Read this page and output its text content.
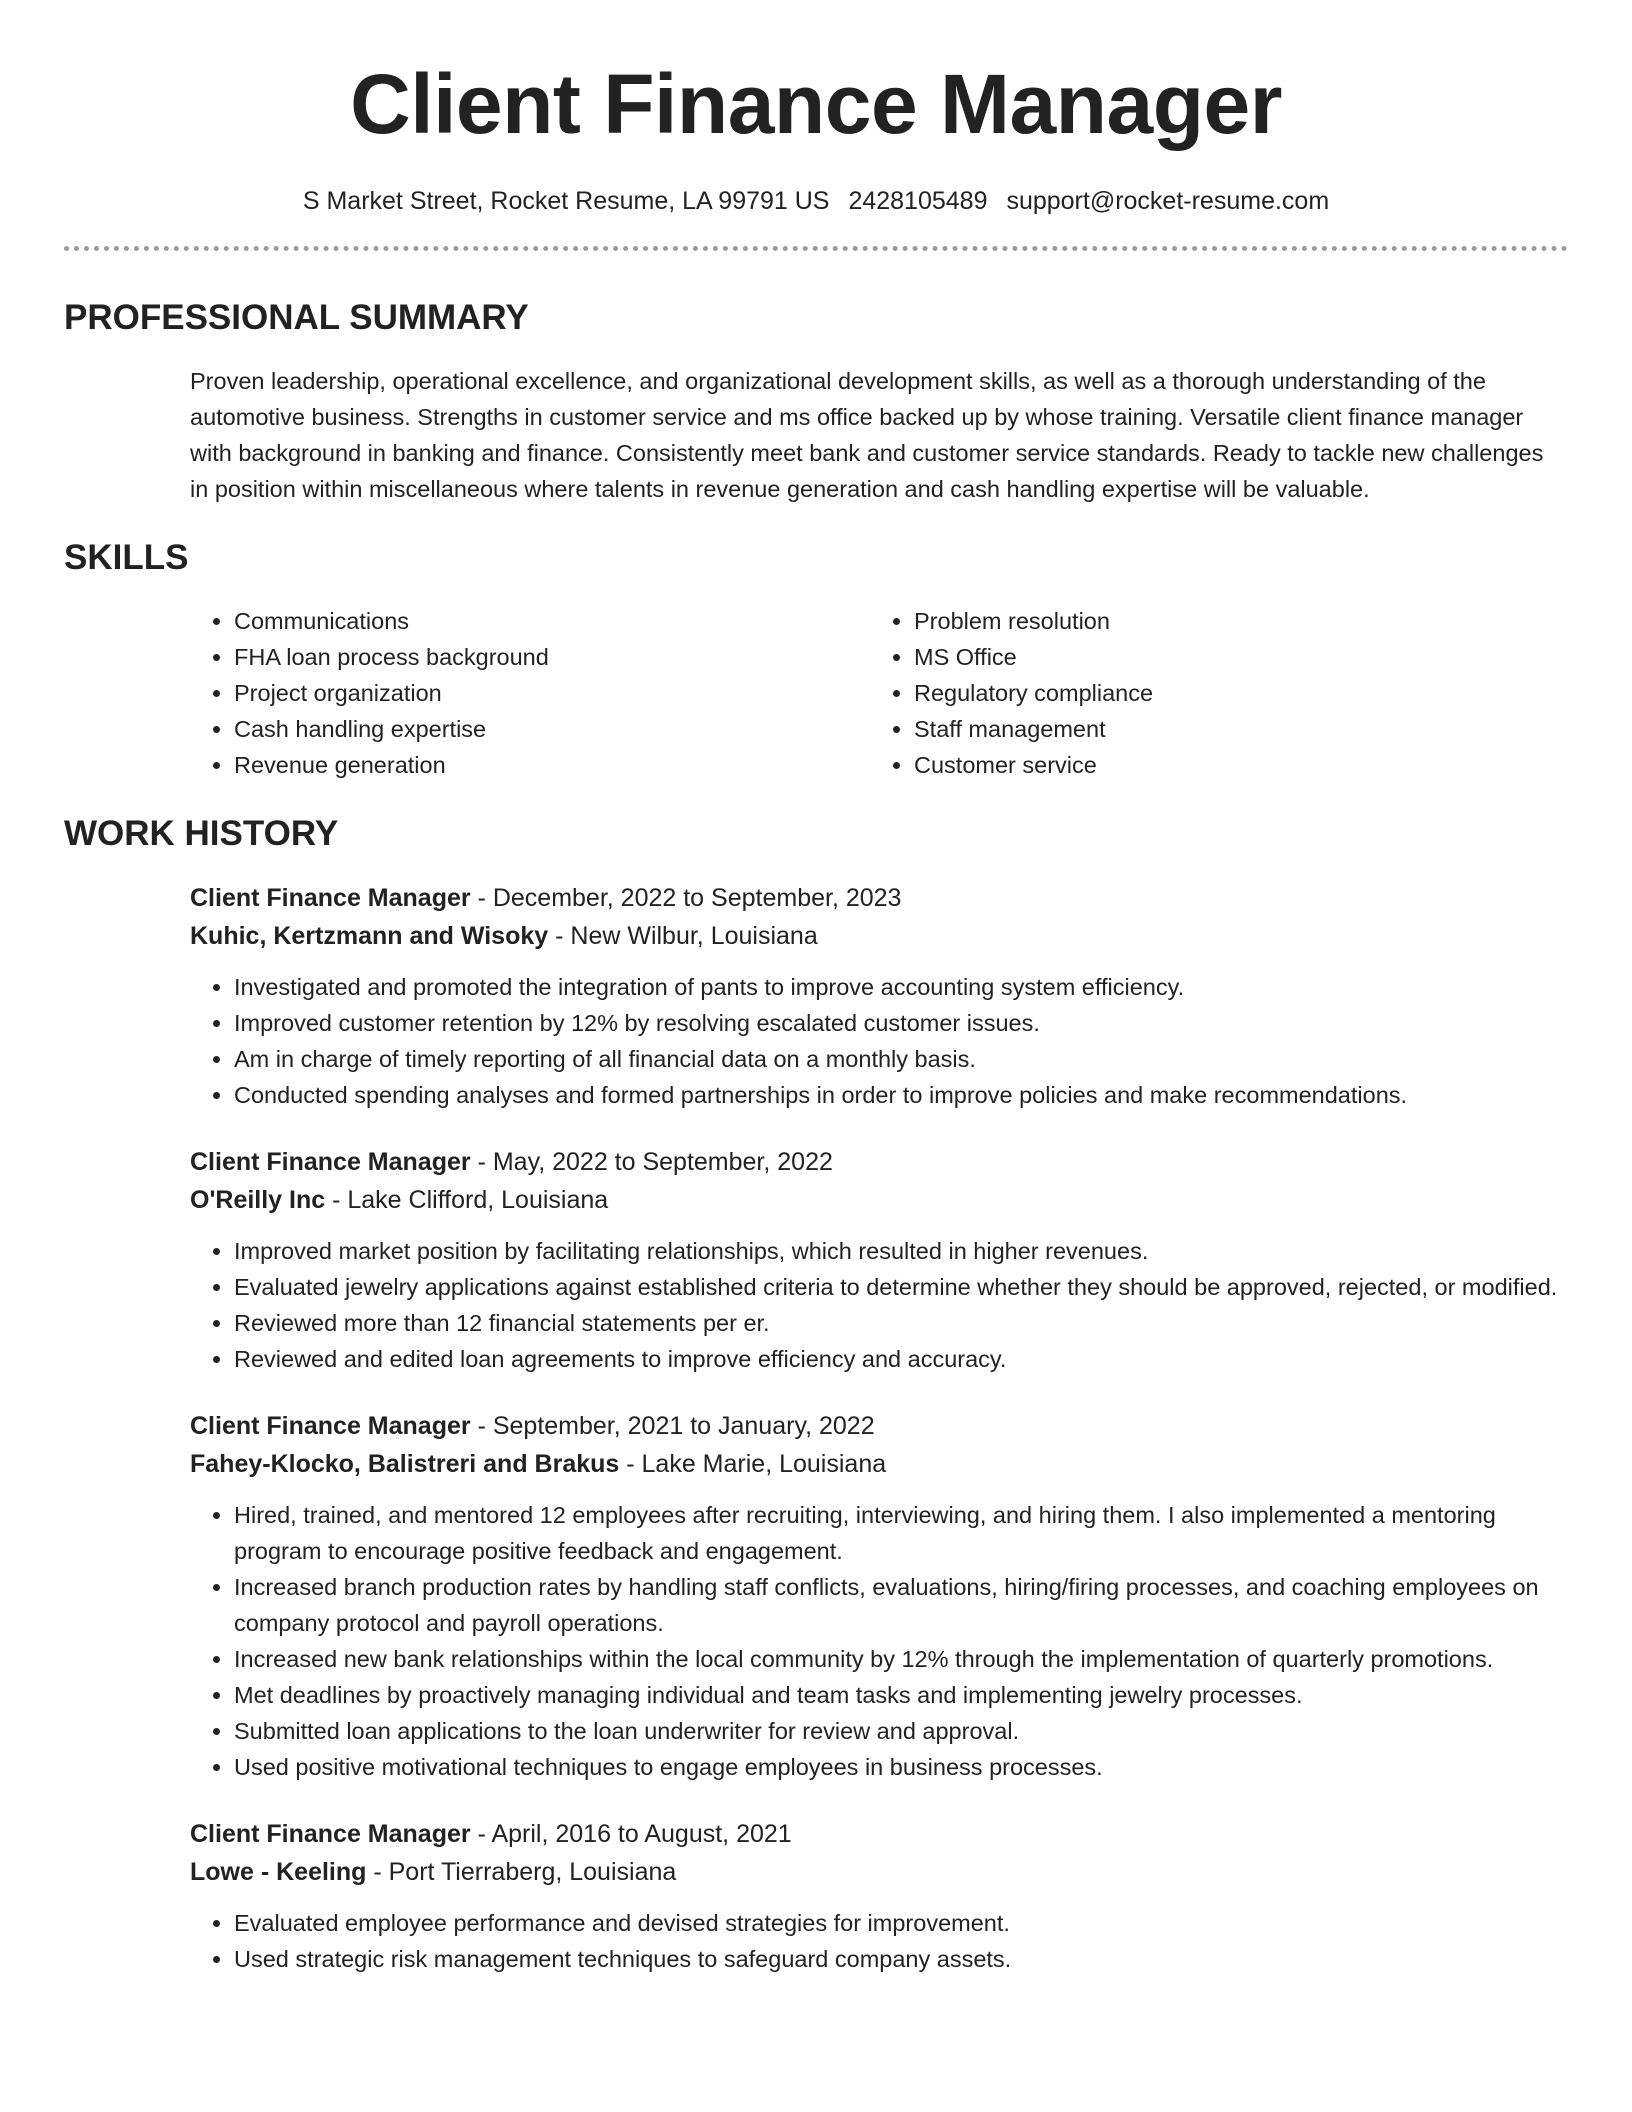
Client Finance Manager
S Market Street, Rocket Resume, LA 99791 US 2428105489 support@rocket-resume.com
PROFESSIONAL SUMMARY

Proven leadership, operational excellence, and organizational development skills, as well as a thorough understanding of the automotive business. Strengths in customer service and ms office backed up by whose training. Versatile client finance manager with background in banking and finance. Consistently meet bank and customer service standards. Ready to tackle new challenges in position within miscellaneous where talents in revenue generation and cash handling expertise will be valuable.

SKILLS
• Communications
• FHA loan process background
• Project organization
• Cash handling expertise
• Revenue generation
• Problem resolution
• MS Office
• Regulatory compliance
• Staff management
• Customer service
WORK HISTORY
Client Finance Manager - December, 2022 to September, 2023
Kuhic, Kertzmann and Wisoky - New Wilbur, Louisiana
• Investigated and promoted the integration of pants to improve accounting system efficiency.
• Improved customer retention by 12% by resolving escalated customer issues.
• Am in charge of timely reporting of all financial data on a monthly basis.
• Conducted spending analyses and formed partnerships in order to improve policies and make recommendations.
Client Finance Manager - May, 2022 to September, 2022
O'Reilly Inc - Lake Clifford, Louisiana
• Improved market position by facilitating relationships, which resulted in higher revenues.
• Evaluated jewelry applications against established criteria to determine whether they should be approved, rejected, or modified.
• Reviewed more than 12 financial statements per er.
• Reviewed and edited loan agreements to improve efficiency and accuracy.
Client Finance Manager - September, 2021 to January, 2022
Fahey-Klocko, Balistreri and Brakus - Lake Marie, Louisiana
• Hired, trained, and mentored 12 employees after recruiting, interviewing, and hiring them. I also implemented a mentoring program to encourage positive feedback and engagement.
• Increased branch production rates by handling staff conflicts, evaluations, hiring/firing processes, and coaching employees on company protocol and payroll operations.
• Increased new bank relationships within the local community by 12% through the implementation of quarterly promotions.
• Met deadlines by proactively managing individual and team tasks and implementing jewelry processes.
• Submitted loan applications to the loan underwriter for review and approval.
• Used positive motivational techniques to engage employees in business processes.
Client Finance Manager - April, 2016 to August, 2021
Lowe - Keeling - Port Tierraberg, Louisiana
• Evaluated employee performance and devised strategies for improvement.
• Used strategic risk management techniques to safeguard company assets.
